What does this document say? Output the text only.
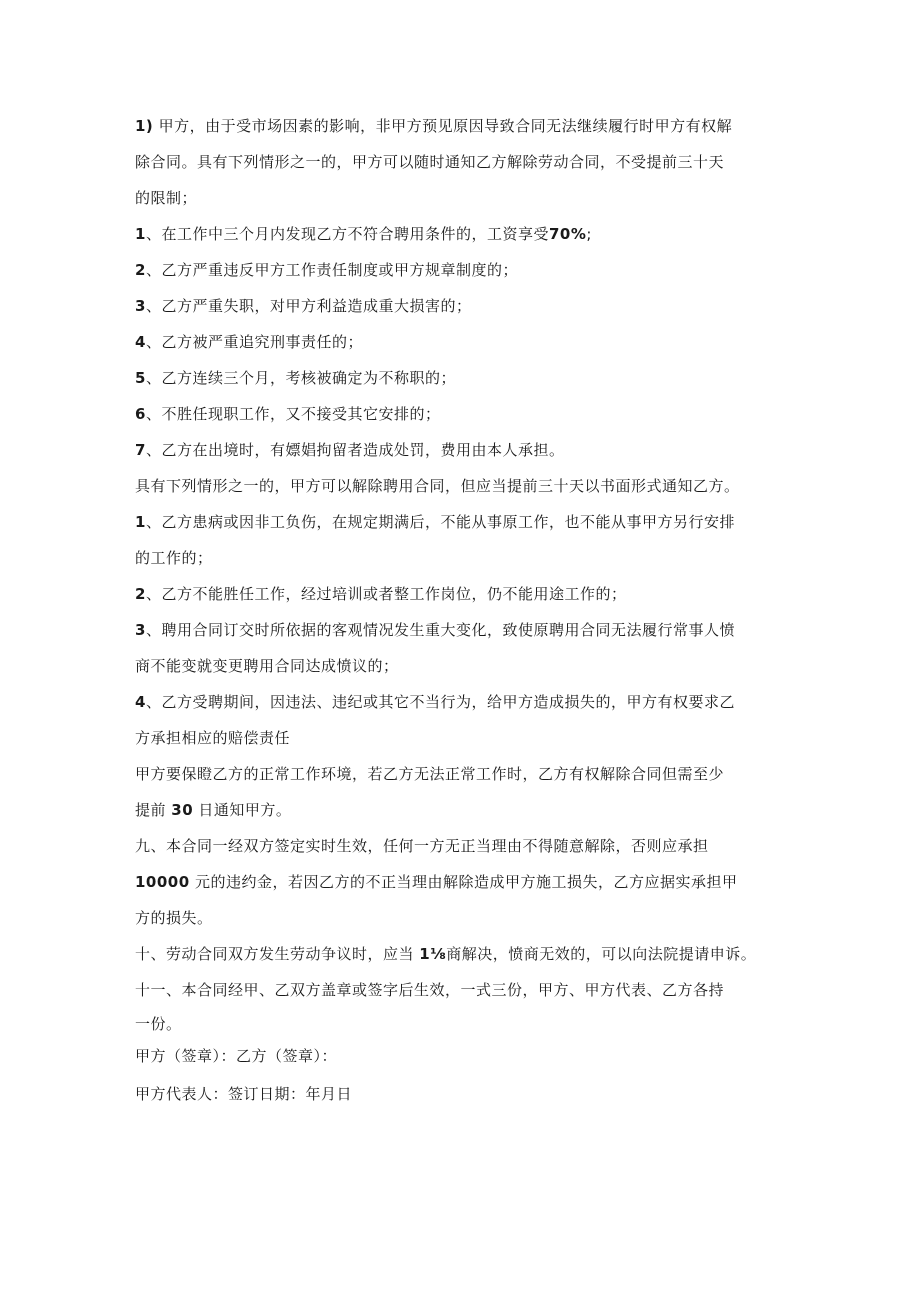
1) 甲方，由于受市场因素的影响，非甲方预见原因导致合同无法继续履行时甲方有权解
除合同。具有下列情形之一的，甲方可以随时通知乙方解除劳动合同，不受提前三十天
的限制；
1、在工作中三个月内发现乙方不符合聘用条件的，工资享受70%;
2、乙方严重违反甲方工作责任制度或甲方规章制度的；
3、乙方严重失职，对甲方利益造成重大损害的；
4、乙方被严重追究刑事责任的；
5、乙方连续三个月，考核被确定为不称职的；
6、不胜任现职工作，又不接受其它安排的；
7、乙方在出境时，有嫖娼拘留者造成处罚，费用由本人承担。
具有下列情形之一的，甲方可以解除聘用合同，但应当提前三十天以书面形式通知乙方。
1、乙方患病或因非工负伤，在规定期满后，不能从事原工作，也不能从事甲方另行安排
的工作的；
2、乙方不能胜任工作，经过培训或者整工作岗位，仍不能用途工作的；
3、聘用合同订交时所依据的客观情况发生重大变化，致使原聘用合同无法履行常事人愤
商不能变就变更聘用合同达成愤议的；
4、乙方受聘期间，因违法、违纪或其它不当行为，给甲方造成损失的，甲方有权要求乙
方承担相应的赔偿责任
甲方要保瞪乙方的正常工作环境，若乙方无法正常工作时，乙方有权解除合同但需至少
提前 30 日通知甲方。
九、本合同一经双方签定实时生效，任何一方无正当理由不得随意解除，否则应承担
10000 元的违约金，若因乙方的不正当理由解除造成甲方施工损失，乙方应据实承担甲
方的损失。
十、劳动合同双方发生劳动争议时，应当 1⅛商解决，愤商无效的，可以向法院提请申诉。
十一、本合同经甲、乙双方盖章或签字后生效，一式三份，甲方、甲方代表、乙方各持
一份。
甲方（签章）：乙方（签章）：
甲方代表人：签订日期：年月日
